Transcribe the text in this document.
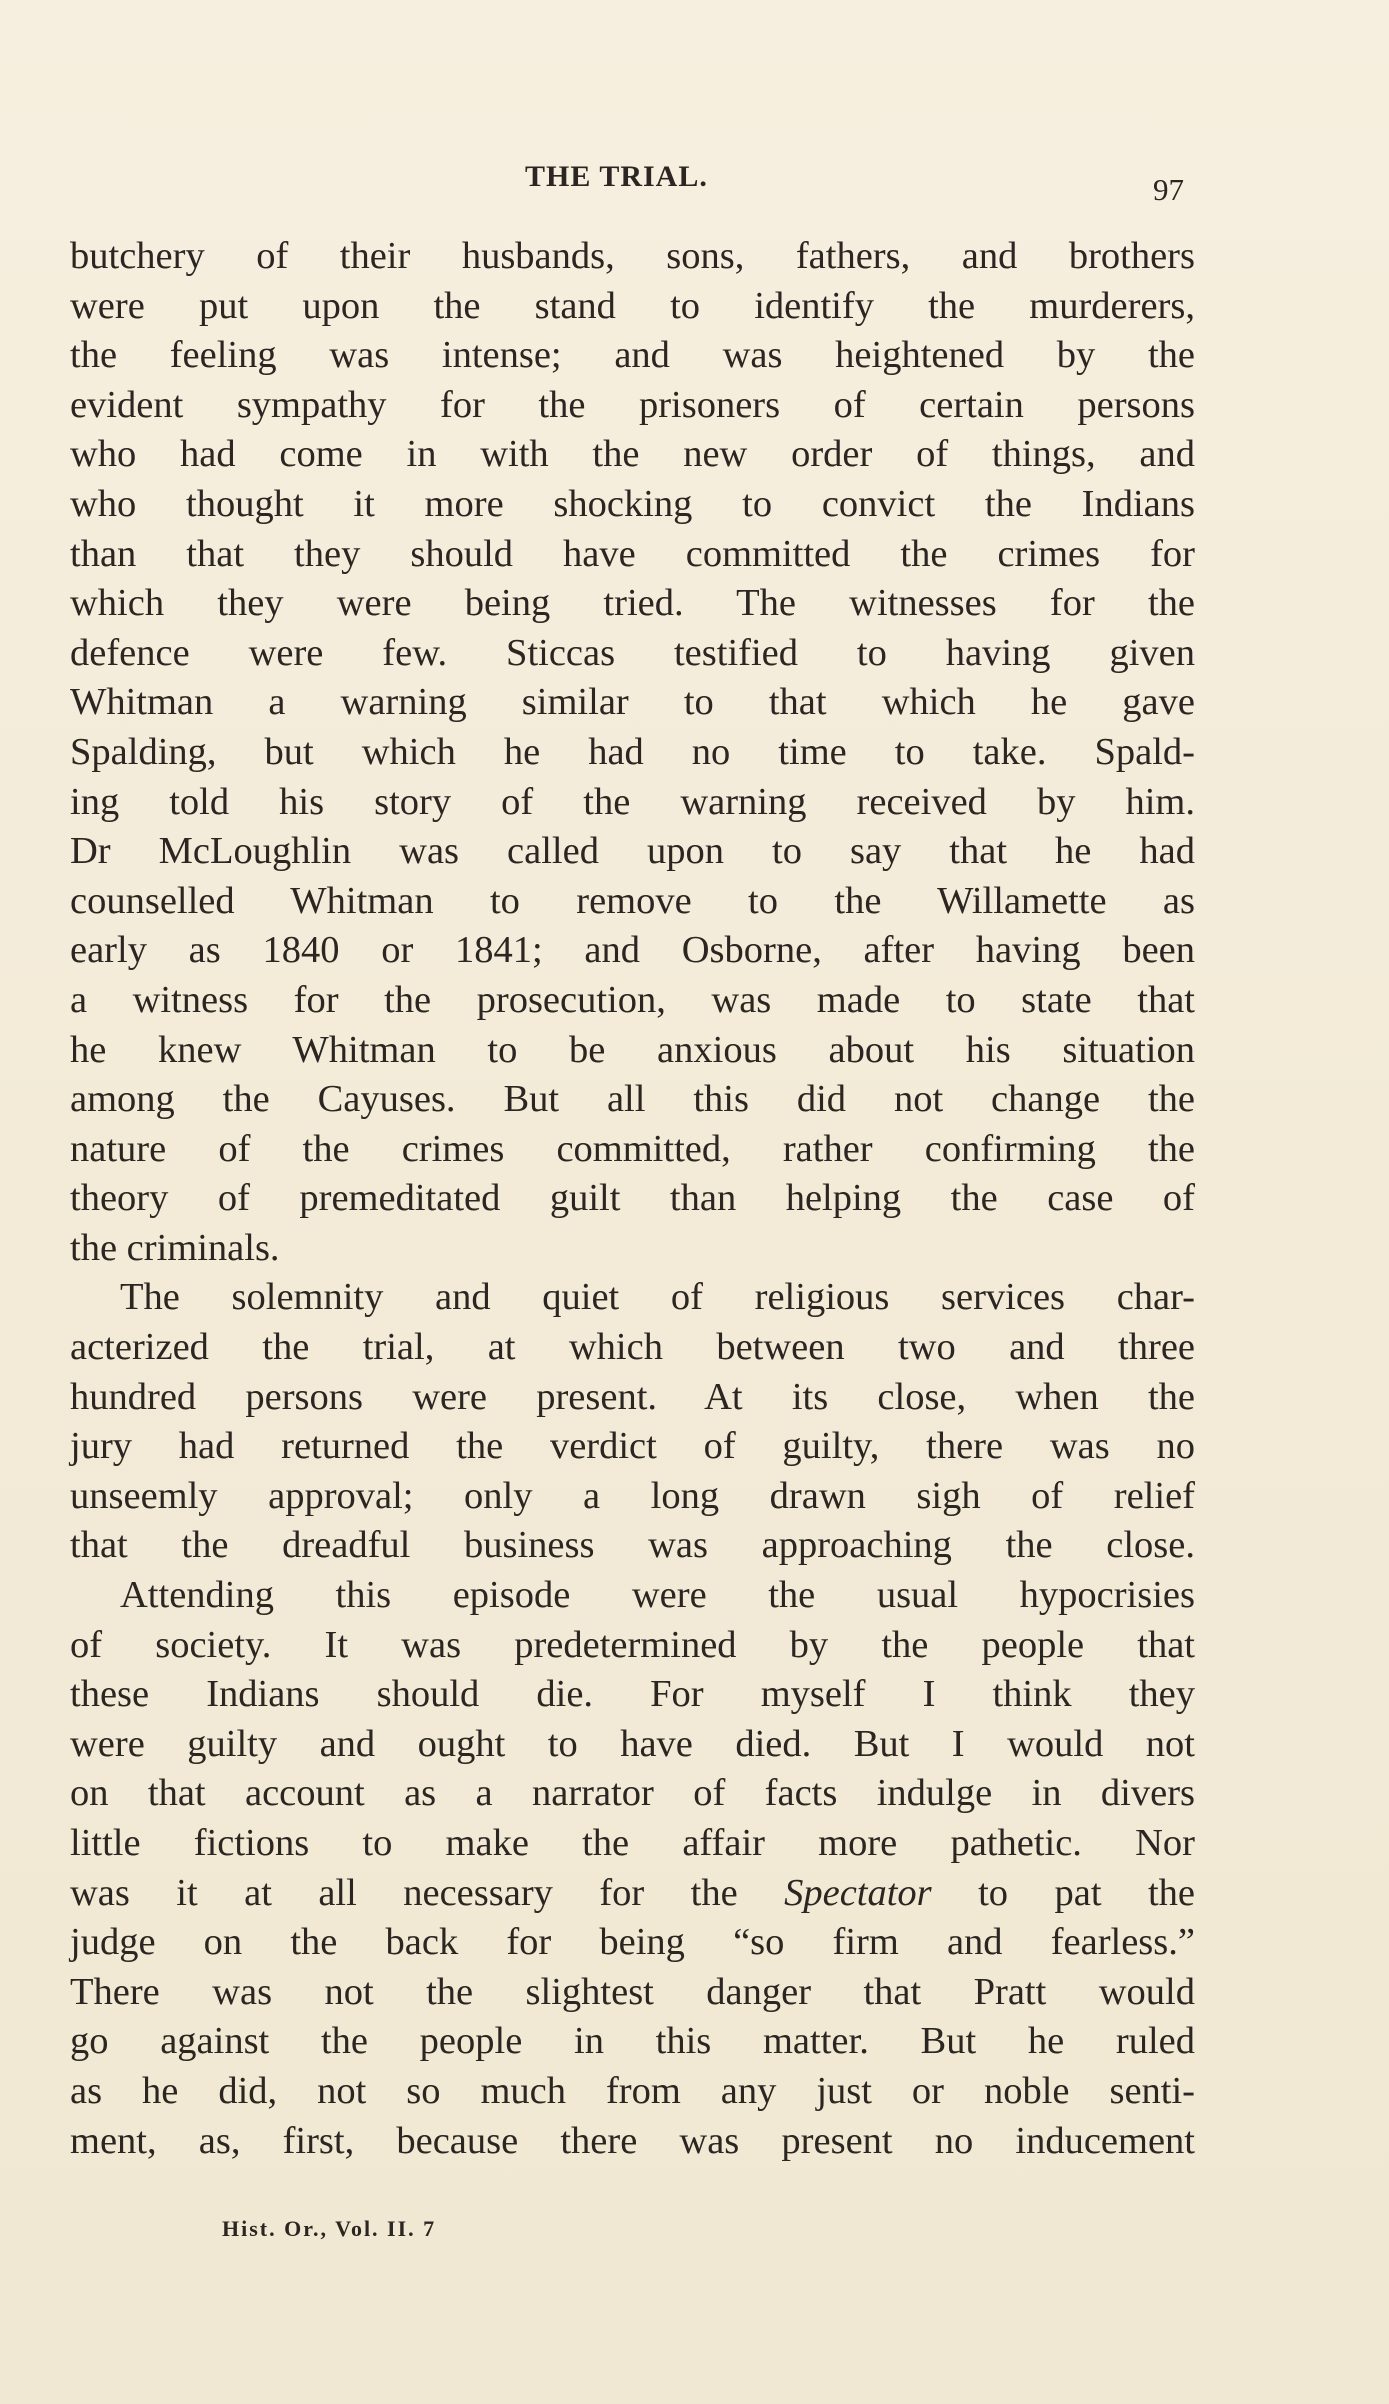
THE TRIAL.	97
butchery of their husbands, sons, fathers, and brothers
were put upon the stand to identify the murderers,
the feeling was intense; and was heightened by the
evident sympathy for the prisoners of certain persons
who had come in with the new order of things, and
who thought it more shocking to convict the Indians
than that they should have committed the crimes for
which they were being tried. The witnesses for the
defence were few. Sticcas testified to having given
Whitman a warning similar to that which he gave
Spalding, but which he had no time to take. Spald-
ing told his story of the warning received by him.
Dr McLoughlin was called upon to say that he had
counselled Whitman to remove to the Willamette as
early as 1840 or 1841; and Osborne, after having been
a witness for the prosecution, was made to state that
he knew Whitman to be anxious about his situation
among the Cayuses. But all this did not change the
nature of the crimes committed, rather confirming the
theory of premeditated guilt than helping the case of
the criminals.
The solemnity and quiet of religious services char-
acterized the trial, at which between two and three
hundred persons were present. At its close, when the
jury had returned the verdict of guilty, there was no
unseemly approval; only a long drawn sigh of relief
that the dreadful business was approaching the close.
Attending this episode were the usual hypocrisies
of society. It was predetermined by the people that
these Indians should die. For myself I think they
were guilty and ought to have died. But I would not
on that account as a narrator of facts indulge in divers
little fictions to make the affair more pathetic. Nor
was it at all necessary for the Spectator to pat the
judge on the back for being “so firm and fearless.”
There was not the slightest danger that Pratt would
go against the people in this matter. But he ruled
as he did, not so much from any just or noble senti-
ment, as, first, because there was present no inducement
Hist. Or., Vol. II. 7
